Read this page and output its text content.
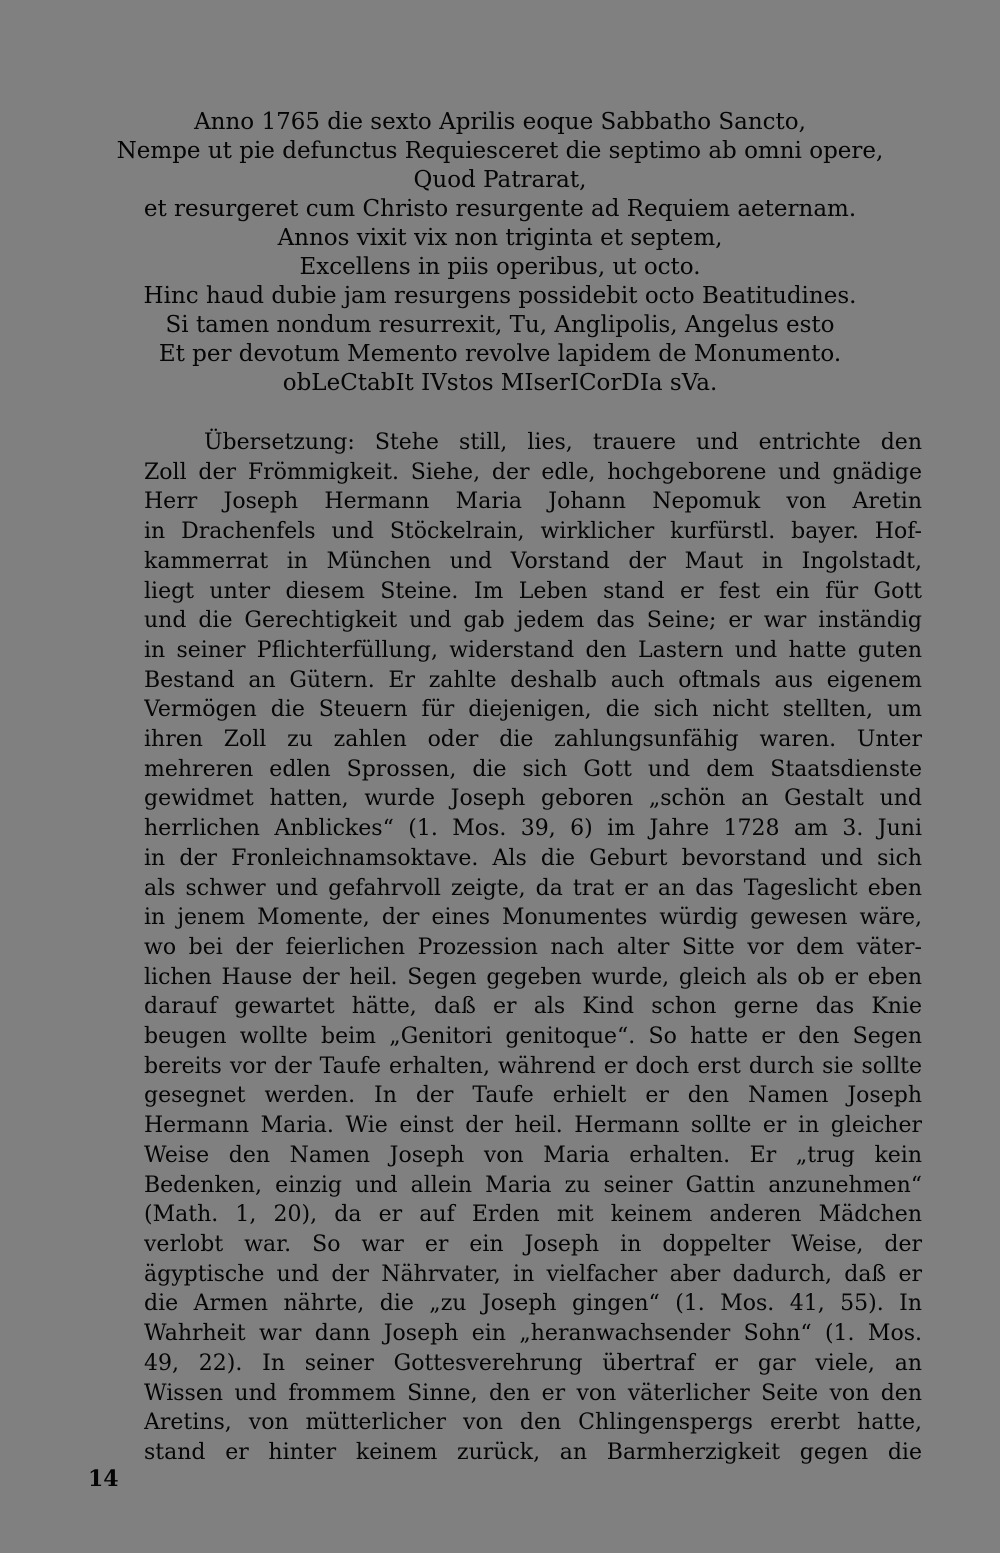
Anno 1765 die sexto Aprilis eoque Sabbatho Sancto,
Nempe ut pie defunctus Requiesceret die septimo ab omni opere,
Quod Patrarat,
et resurgeret cum Christo resurgente ad Requiem aeternam.
Annos vixit vix non triginta et septem,
Excellens in piis operibus, ut octo.
Hinc haud dubie jam resurgens possidebit octo Beatitudines.
Si tamen nondum resurrexit, Tu, Anglipolis, Angelus esto
Et per devotum Memento revolve lapidem de Monumento.
obLeCtabIt IVstos MIserICorDIa sVa.
Übersetzung: Stehe still, lies, trauere und entrichte den
Zoll der Frömmigkeit. Siehe, der edle, hochgeborene und gnädige
Herr Joseph Hermann Maria Johann Nepomuk von Aretin
in Drachenfels und Stöckelrain, wirklicher kurfürstl. bayer. Hof-
kammerrat in München und Vorstand der Maut in Ingolstadt,
liegt unter diesem Steine. Im Leben stand er fest ein für Gott
und die Gerechtigkeit und gab jedem das Seine; er war inständig
in seiner Pflichterfüllung, widerstand den Lastern und hatte guten
Bestand an Gütern. Er zahlte deshalb auch oftmals aus eigenem
Vermögen die Steuern für diejenigen, die sich nicht stellten, um
ihren Zoll zu zahlen oder die zahlungsunfähig waren. Unter
mehreren edlen Sprossen, die sich Gott und dem Staatsdienste
gewidmet hatten, wurde Joseph geboren „schön an Gestalt und
herrlichen Anblickes“ (1. Mos. 39, 6) im Jahre 1728 am 3. Juni
in der Fronleichnamsoktave. Als die Geburt bevorstand und sich
als schwer und gefahrvoll zeigte, da trat er an das Tageslicht eben
in jenem Momente, der eines Monumentes würdig gewesen wäre,
wo bei der feierlichen Prozession nach alter Sitte vor dem väter-
lichen Hause der heil. Segen gegeben wurde, gleich als ob er eben
darauf gewartet hätte, daß er als Kind schon gerne das Knie
beugen wollte beim „Genitori genitoque“. So hatte er den Segen
bereits vor der Taufe erhalten, während er doch erst durch sie sollte
gesegnet werden. In der Taufe erhielt er den Namen Joseph
Hermann Maria. Wie einst der heil. Hermann sollte er in gleicher
Weise den Namen Joseph von Maria erhalten. Er „trug kein
Bedenken, einzig und allein Maria zu seiner Gattin anzunehmen“
(Math. 1, 20), da er auf Erden mit keinem anderen Mädchen
verlobt war. So war er ein Joseph in doppelter Weise, der
ägyptische und der Nährvater, in vielfacher aber dadurch, daß er
die Armen nährte, die „zu Joseph gingen“ (1. Mos. 41, 55). In
Wahrheit war dann Joseph ein „heranwachsender Sohn“ (1. Mos.
49, 22). In seiner Gottesverehrung übertraf er gar viele, an
Wissen und frommem Sinne, den er von väterlicher Seite von den
Aretins, von mütterlicher von den Chlingenspergs ererbt hatte,
stand er hinter keinem zurück, an Barmherzigkeit gegen die
14
